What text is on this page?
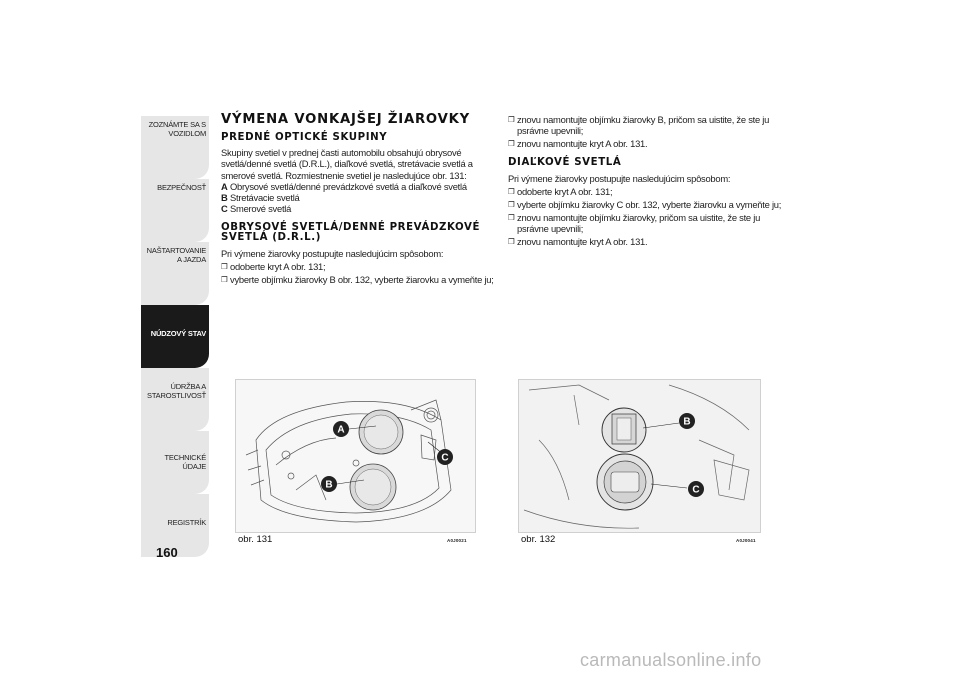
ZOZNÁMTE SA S VOZIDLOM
BEZPEČNOSŤ
NAŠTARTOVANIE A JAZDA
NÚDZOVÝ STAV
ÚDRŽBA A STAROSTLIVOSŤ
TECHNICKÉ ÚDAJE
REGISTRÍK
160
VÝMENA VONKAJŠEJ ŽIAROVKY
PREDNÉ OPTICKÉ SKUPINY

Skupiny svetiel v prednej časti automobilu obsahujú obrysové svetlá/denné svetlá (D.R.L.), diaľkové svetlá, stretávacie svetlá a smerové svetlá. Rozmiestnenie svetiel je nasledujúce obr. 131:

A Obrysové svetlá/denné prevádzkové svetlá a diaľkové svetlá
B Stretávacie svetlá
C Smerové svetlá
OBRYSOVÉ SVETLÁ/DENNÉ PREVÁDZKOVÉ SVETLÁ (D.R.L.)

Pri výmene žiarovky postupujte nasledujúcim spôsobom:

❒ odoberte kryt A obr. 131;
❒ vyberte objímku žiarovky B obr. 132, vyberte žiarovku a vymeňte ju;
❒ znovu namontujte objímku žiarovky B, pričom sa uistite, že ste ju psrávne upevnili;
❒ znovu namontujte kryt A obr. 131.
DIAĽKOVÉ SVETLÁ

Pri výmene žiarovky postupujte nasledujúcim spôsobom:

❒ odoberte kryt A obr. 131;
❒ vyberte objímku žiarovky C obr. 132, vyberte žiarovku a vymeňte ju;
❒ znovu namontujte objímku žiarovky, pričom sa uistite, že ste ju psrávne upevnili;
❒ znovu namontujte kryt A obr. 131.
A
B
C
obr. 131	A0J0021
B
C
obr. 132	A0J0041
carmanualsonline.info
